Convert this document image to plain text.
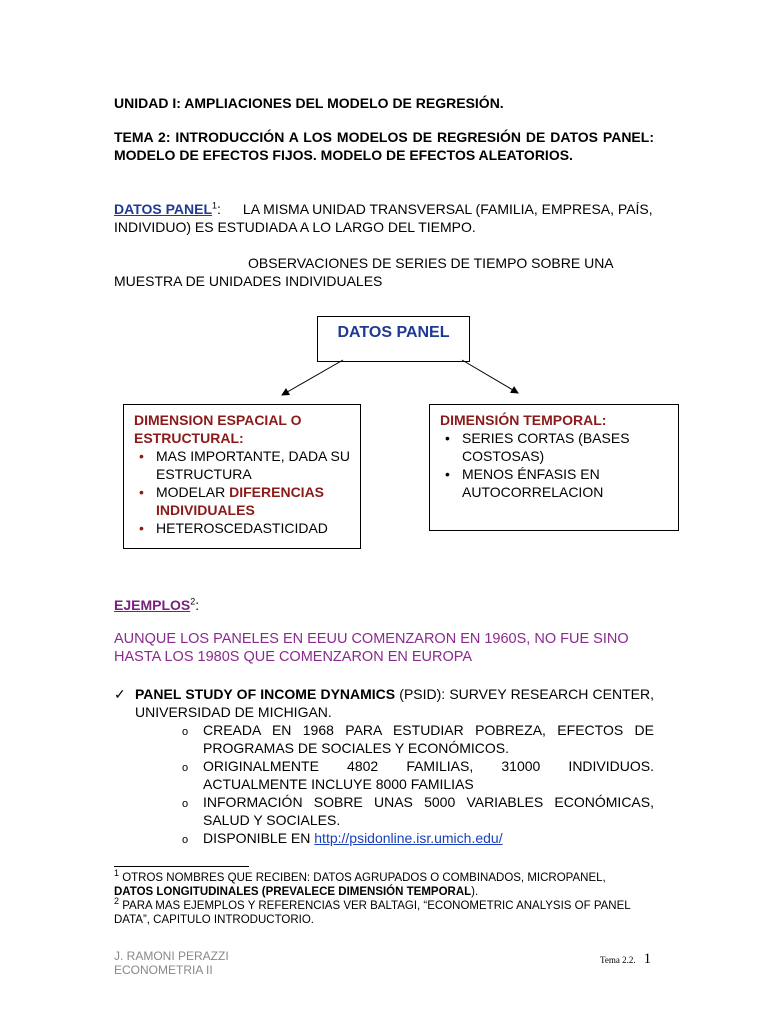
UNIDAD I: AMPLIACIONES DEL MODELO DE REGRESIÓN.
TEMA 2: INTRODUCCIÓN A LOS MODELOS DE REGRESIÓN DE DATOS PANEL: MODELO DE EFECTOS FIJOS. MODELO DE EFECTOS ALEATORIOS.
DATOS PANEL$^1$: LA MISMA UNIDAD TRANSVERSAL (FAMILIA, EMPRESA, PAÍS, INDIVIDUO) ES ESTUDIADA A LO LARGO DEL TIEMPO.
OBSERVACIONES DE SERIES DE TIEMPO SOBRE UNA MUESTRA DE UNIDADES INDIVIDUALES
DATOS PANEL
DIMENSION ESPACIAL O ESTRUCTURAL:
• MAS IMPORTANTE, DADA SU ESTRUCTURA
• MODELAR DIFERENCIAS INDIVIDUALES
• HETEROSCEDASTICIDAD
DIMENSIÓN TEMPORAL:
• SERIES CORTAS (BASES COSTOSAS)
• MENOS ÉNFASIS EN AUTOCORRELACION
EJEMPLOS$^2$:
AUNQUE LOS PANELES EN EEUU COMENZARON EN 1960S, NO FUE SINO HASTA LOS 1980S QUE COMENZARON EN EUROPA
✓ PANEL STUDY OF INCOME DYNAMICS (PSID): SURVEY RESEARCH CENTER, UNIVERSIDAD DE MICHIGAN.
o CREADA EN 1968 PARA ESTUDIAR POBREZA, EFECTOS DE PROGRAMAS DE SOCIALES Y ECONÓMICOS.
o ORIGINALMENTE 4802 FAMILIAS, 31000 INDIVIDUOS. ACTUALMENTE INCLUYE 8000 FAMILIAS
o INFORMACIÓN SOBRE UNAS 5000 VARIABLES ECONÓMICAS, SALUD Y SOCIALES.
o DISPONIBLE EN http://psidonline.isr.umich.edu/
$^1$ OTROS NOMBRES QUE RECIBEN: DATOS AGRUPADOS O COMBINADOS, MICROPANEL,
DATOS LONGITUDINALES (PREVALECE DIMENSIÓN TEMPORAL).
$^2$ PARA MAS EJEMPLOS Y REFERENCIAS VER BALTAGI, “ECONOMETRIC ANALYSIS OF PANEL DATA”, CAPITULO INTRODUCTORIO.
J. RAMONI PERAZZI
ECONOMETRIA II
Tema 2.2. 1
